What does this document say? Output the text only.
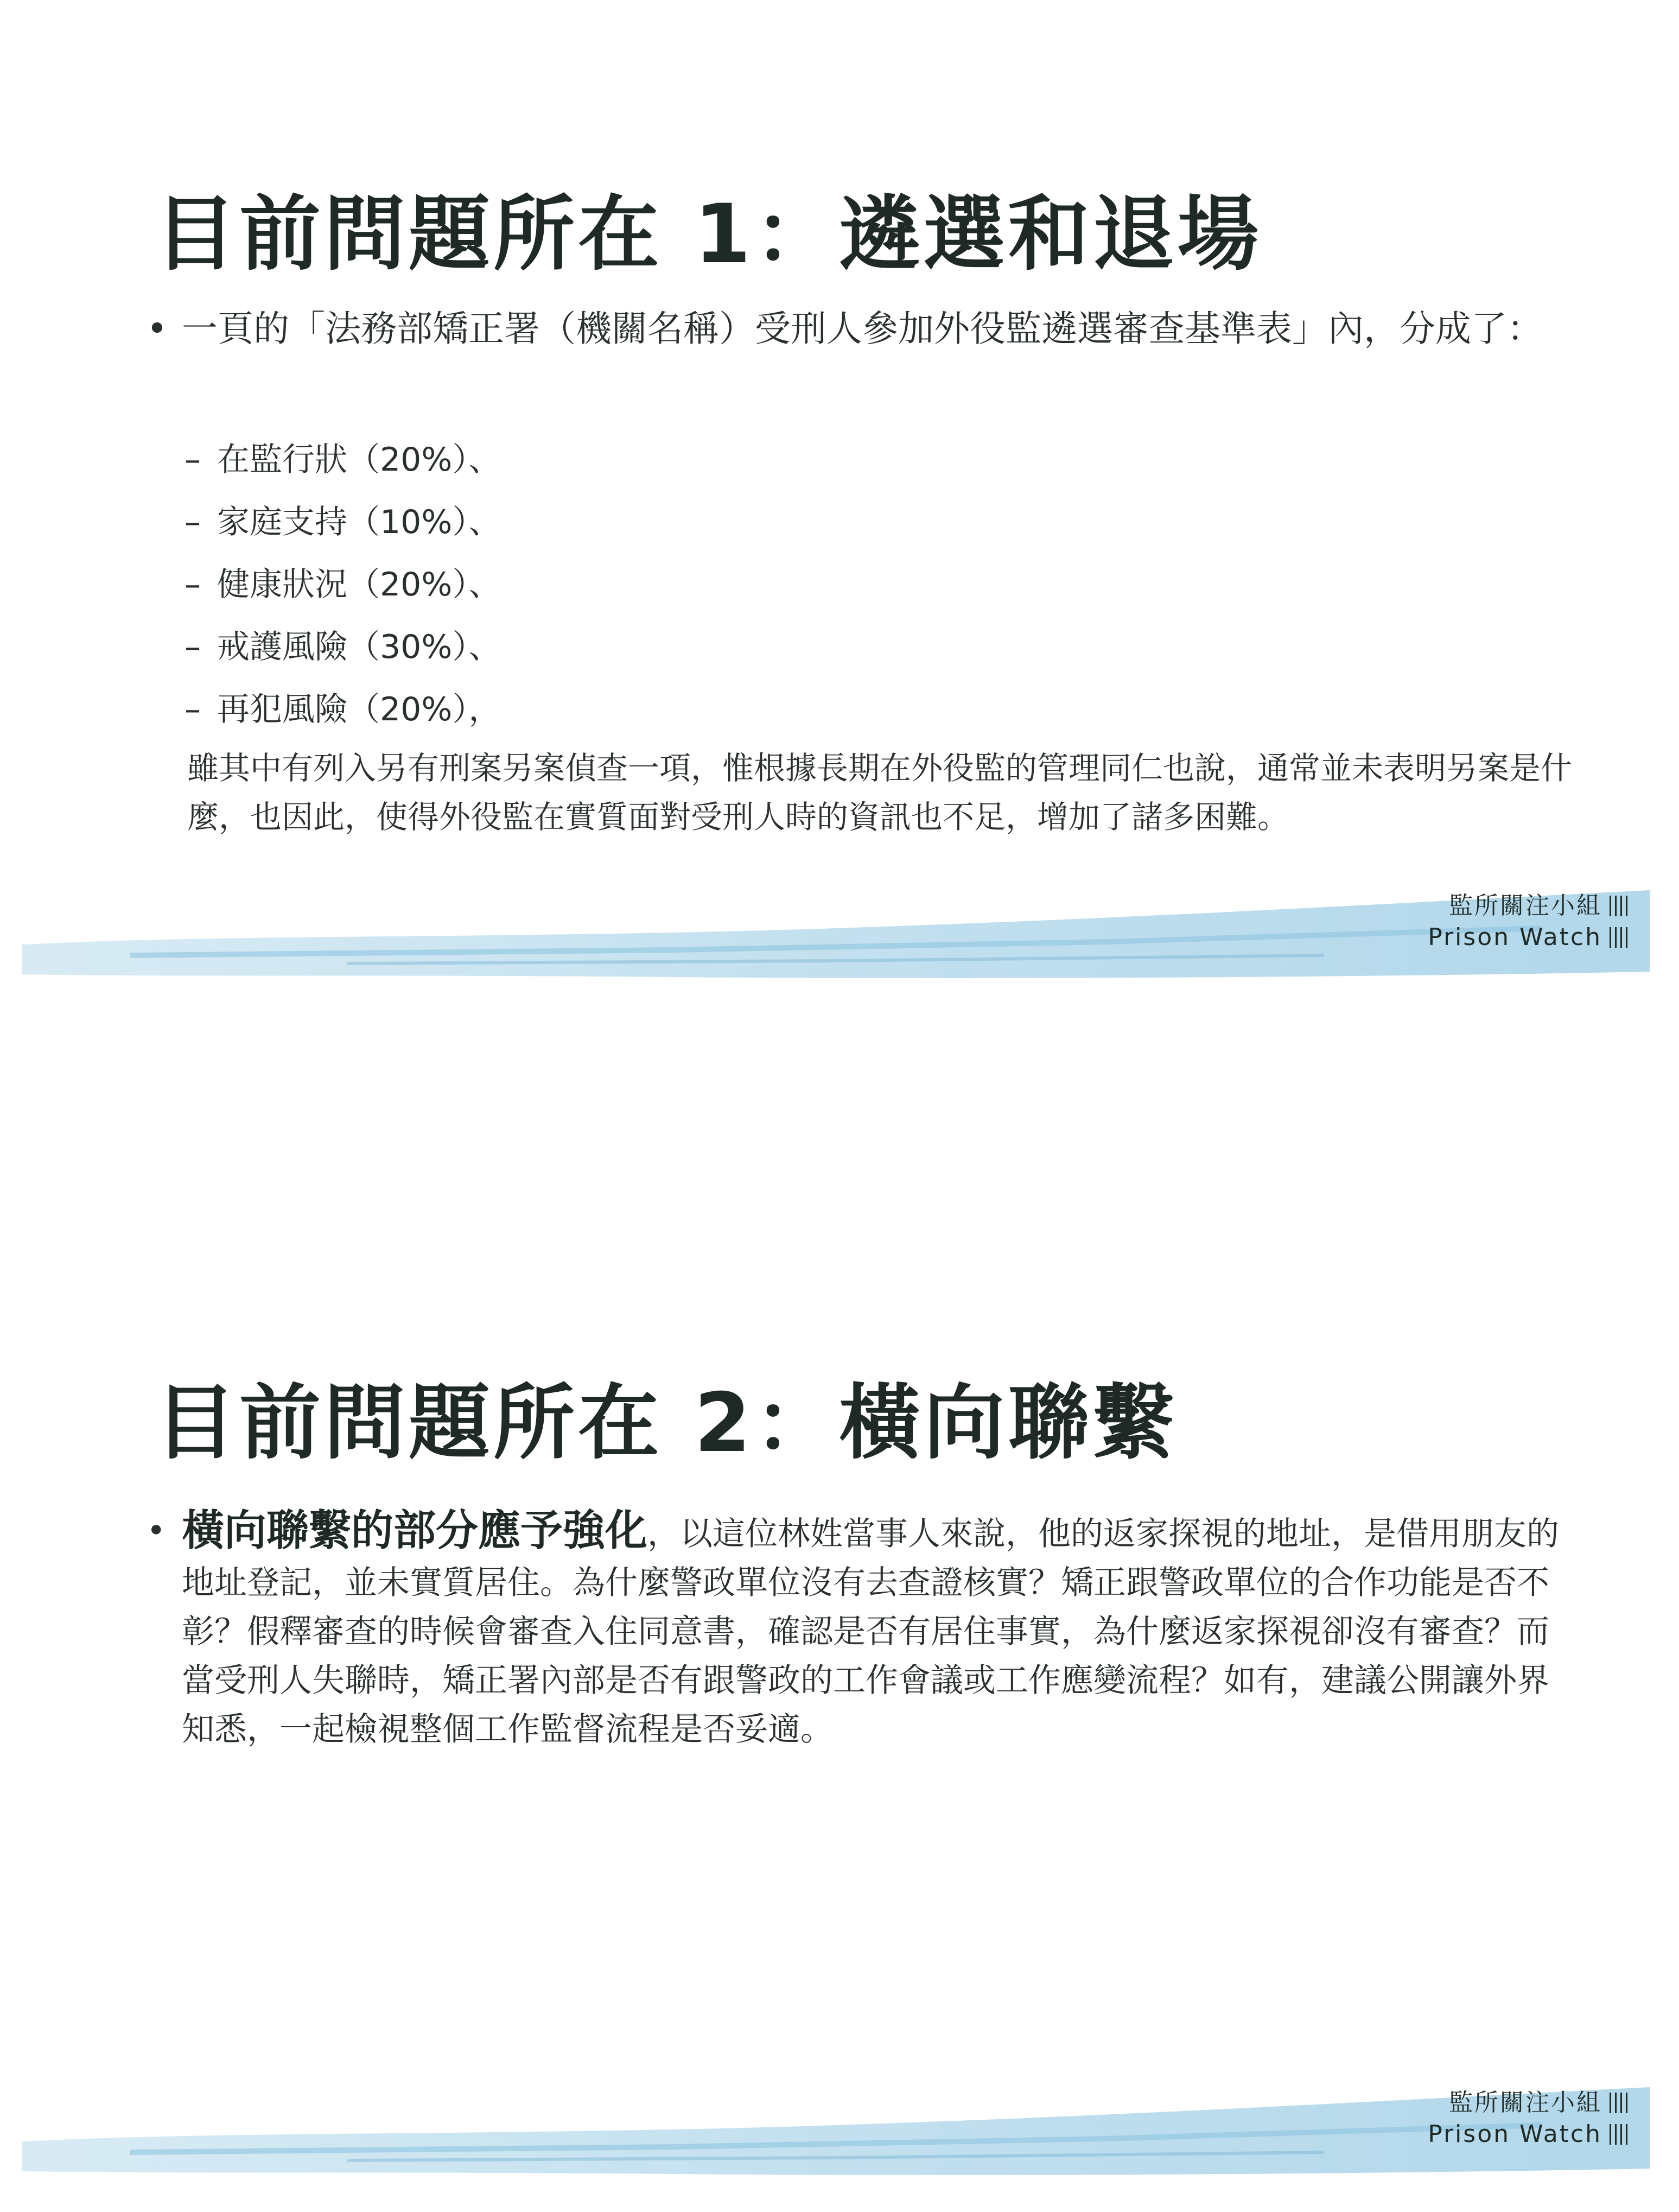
目前問題所在 1：遴選和退場
• 一頁的「法務部矯正署（機關名稱）受刑人參加外役監遴選審查基準表」內，分成了：

– 在監行狀（20%）、
– 家庭支持（10%）、
– 健康狀況（20%）、
– 戒護風險（30%）、
– 再犯風險（20%），

雖其中有列入另有刑案另案偵查一項，惟根據長期在外役監的管理同仁也說，通常並未表明另案是什麼，也因此，使得外役監在實質面對受刑人時的資訊也不足，增加了諸多困難。

監所關注小組
Prison Watch
目前問題所在 2：橫向聯繫
• 橫向聯繫的部分應予強化，以這位林姓當事人來說，他的返家探視的地址，是借用朋友的地址登記，並未實質居住。為什麼警政單位沒有去查證核實？矯正跟警政單位的合作功能是否不彰？假釋審查的時候會審查入住同意書，確認是否有居住事實，為什麼返家探視卻沒有審查？而當受刑人失聯時，矯正署內部是否有跟警政的工作會議或工作應變流程？如有，建議公開讓外界知悉，一起檢視整個工作監督流程是否妥適。

監所關注小組
Prison Watch
